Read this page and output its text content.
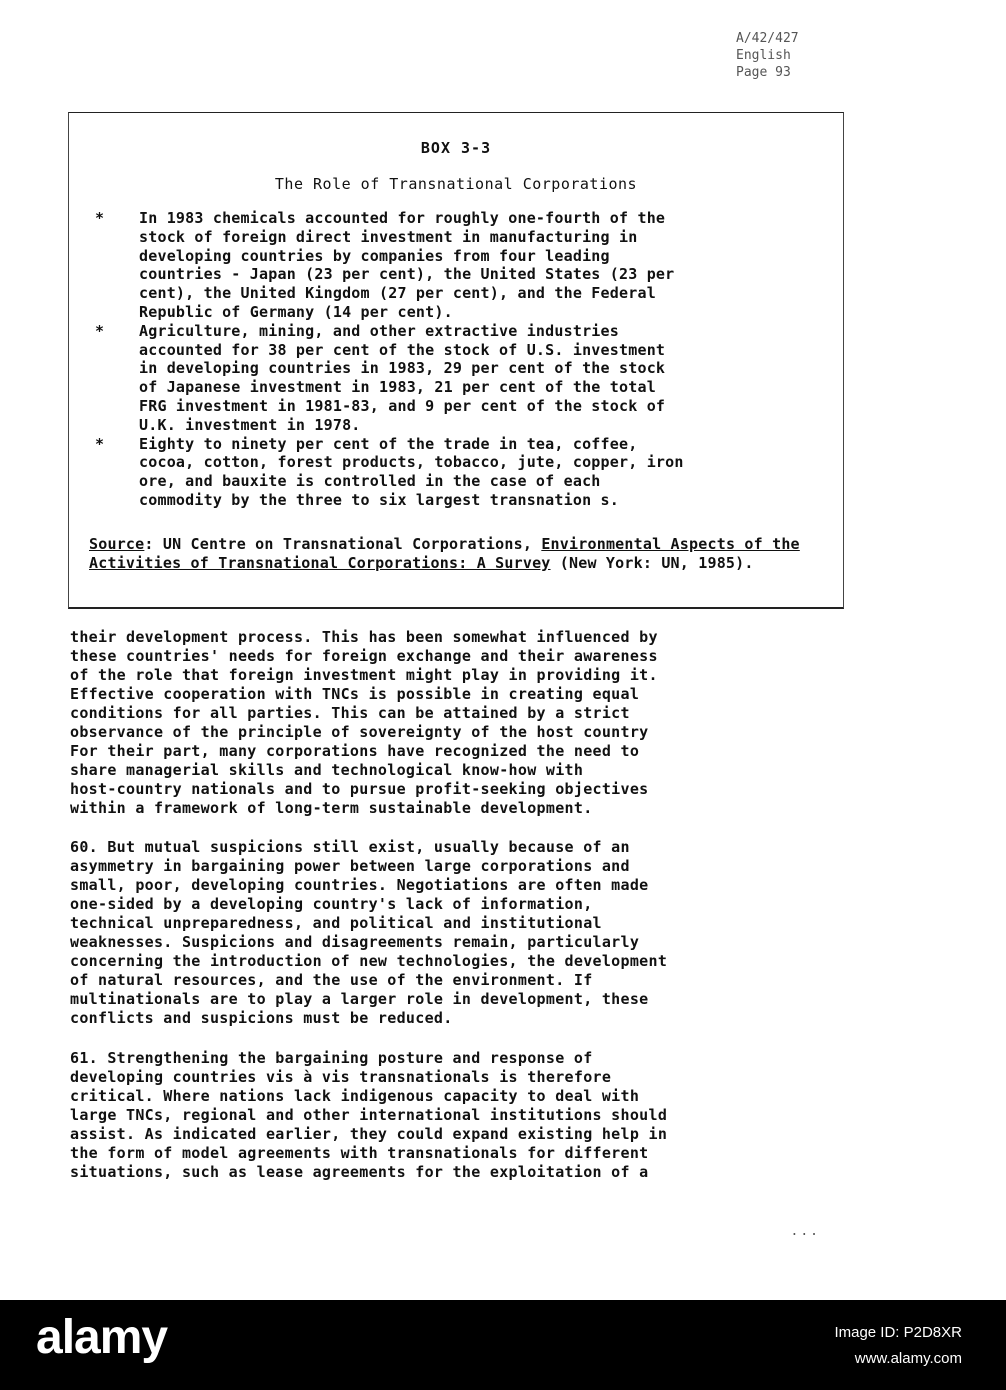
A/42/427
English
Page 93
BOX 3-3
The Role of Transnational Corporations
*	In 1983 chemicals accounted for roughly one-fourth of the
stock of foreign direct investment in manufacturing in
developing countries by companies from four leading
countries - Japan (23 per cent), the United States (23 per
cent), the United Kingdom (27 per cent), and the Federal
Republic of Germany (14 per cent).
*	Agriculture, mining, and other extractive industries
accounted for 38 per cent of the stock of U.S. investment
in developing countries in 1983, 29 per cent of the stock
of Japanese investment in 1983, 21 per cent of the total
FRG investment in 1981-83, and 9 per cent of the stock of
U.K. investment in 1978.
*	Eighty to ninety per cent of the trade in tea, coffee,
cocoa, cotton, forest products, tobacco, jute, copper, iron
ore, and bauxite is controlled in the case of each
commodity by the three to six largest transnation s.
Source: UN Centre on Transnational Corporations, Environmental Aspects of the Activities of Transnational Corporations: A Survey (New York: UN, 1985).
their development process. This has been somewhat influenced by
these countries' needs for foreign exchange and their awareness
of the role that foreign investment might play in providing it.
Effective cooperation with TNCs is possible in creating equal
conditions for all parties. This can be attained by a strict
observance of the principle of sovereignty of the host country
For their part, many corporations have recognized the need to
share managerial skills and technological know-how with
host-country nationals and to pursue profit-seeking objectives
within a framework of long-term sustainable development.
60. But mutual suspicions still exist, usually because of an
asymmetry in bargaining power between large corporations and
small, poor, developing countries. Negotiations are often made
one-sided by a developing country's lack of information,
technical unpreparedness, and political and institutional
weaknesses. Suspicions and disagreements remain, particularly
concerning the introduction of new technologies, the development
of natural resources, and the use of the environment. If
multinationals are to play a larger role in development, these
conflicts and suspicions must be reduced.
61. Strengthening the bargaining posture and response of
developing countries vis à vis transnationals is therefore
critical. Where nations lack indigenous capacity to deal with
large TNCs, regional and other international institutions should
assist. As indicated earlier, they could expand existing help in
the form of model agreements with transnationals for different
situations, such as lease agreements for the exploitation of a
...
alamy	Image ID: P2D8XR
www.alamy.com
